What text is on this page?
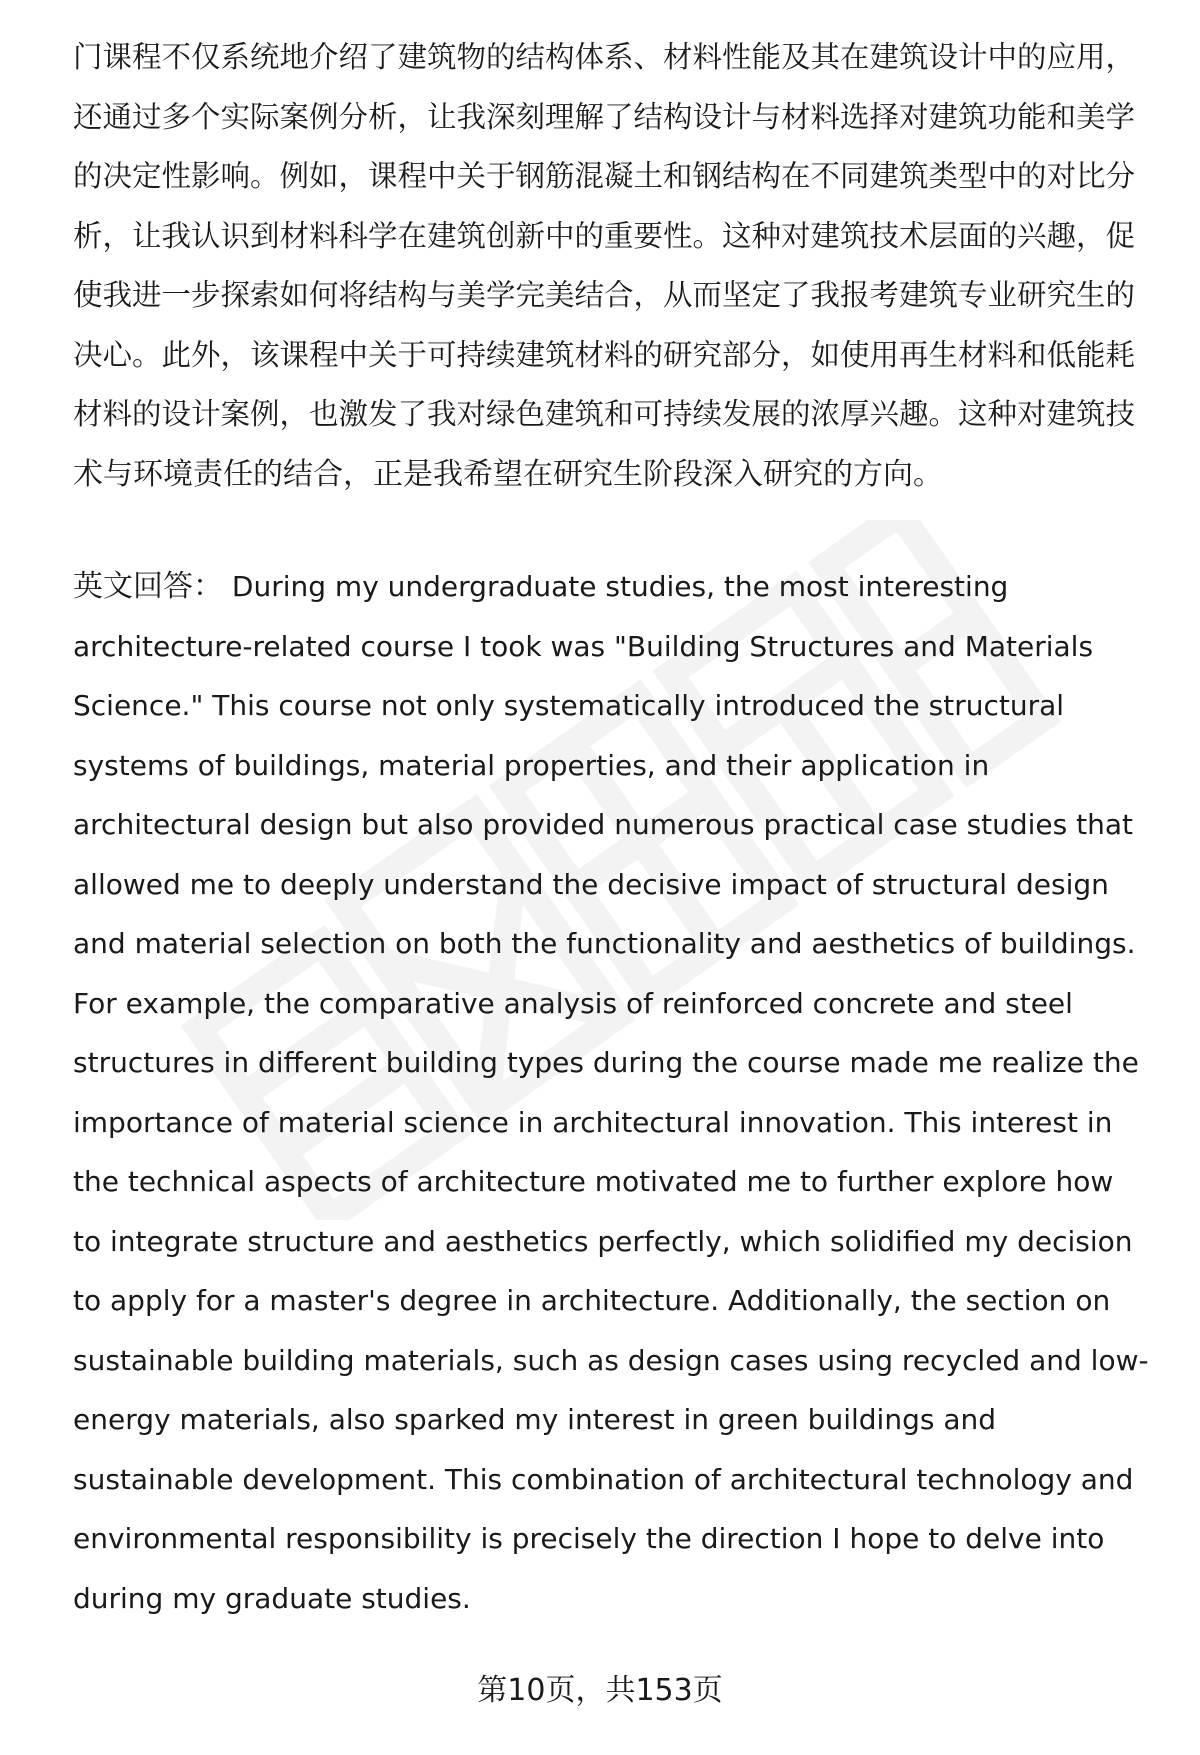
门课程不仅系统地介绍了建筑物的结构体系、材料性能及其在建筑设计中的应用，
还通过多个实际案例分析，让我深刻理解了结构设计与材料选择对建筑功能和美学
的决定性影响。例如，课程中关于钢筋混凝土和钢结构在不同建筑类型中的对比分
析，让我认识到材料科学在建筑创新中的重要性。这种对建筑技术层面的兴趣，促
使我进一步探索如何将结构与美学完美结合，从而坚定了我报考建筑专业研究生的
决心。此外，该课程中关于可持续建筑材料的研究部分，如使用再生材料和低能耗
材料的设计案例，也激发了我对绿色建筑和可持续发展的浓厚兴趣。这种对建筑技
术与环境责任的结合，正是我希望在研究生阶段深入研究的方向。
英文回答： During my undergraduate studies, the most interesting
architecture-related course I took was "Building Structures and Materials
Science." This course not only systematically introduced the structural
systems of buildings, material properties, and their application in
architectural design but also provided numerous practical case studies that
allowed me to deeply understand the decisive impact of structural design
and material selection on both the functionality and aesthetics of buildings.
For example, the comparative analysis of reinforced concrete and steel
structures in different building types during the course made me realize the
importance of material science in architectural innovation. This interest in
the technical aspects of architecture motivated me to further explore how
to integrate structure and aesthetics perfectly, which solidified my decision
to apply for a master's degree in architecture. Additionally, the section on
sustainable building materials, such as design cases using recycled and low-
energy materials, also sparked my interest in green buildings and
sustainable development. This combination of architectural technology and
environmental responsibility is precisely the direction I hope to delve into
during my graduate studies.
第10页，共153页
